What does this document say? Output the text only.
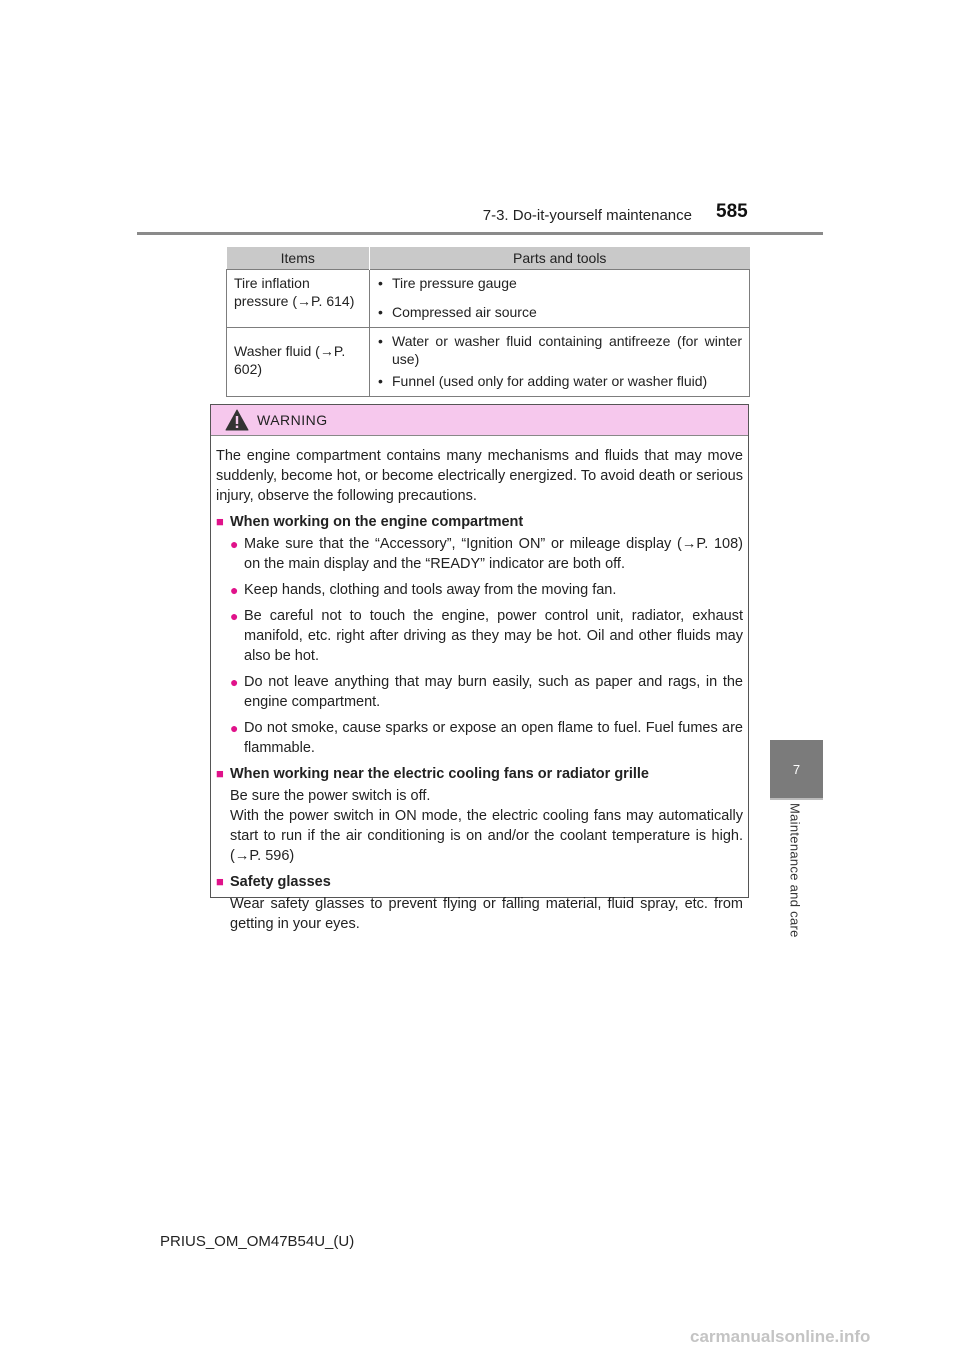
7-3. Do-it-yourself maintenance 585
7
Maintenance and care
Items	Parts and tools
Tire inflation pressure (→P. 614)	• Tire pressure gauge
• Compressed air source

Washer fluid (→P. 602)	• Water or washer fluid containing antifreeze (for winter use)
• Funnel (used only for adding water or washer fluid)
WARNING
The engine compartment contains many mechanisms and fluids that may move suddenly, become hot, or become electrically energized. To avoid death or serious injury, observe the following precautions.
■ When working on the engine compartment
● Make sure that the “Accessory”, “Ignition ON” or mileage display (→P. 108) on the main display and the “READY” indicator are both off.
● Keep hands, clothing and tools away from the moving fan.
● Be careful not to touch the engine, power control unit, radiator, exhaust manifold, etc. right after driving as they may be hot. Oil and other fluids may also be hot.
● Do not leave anything that may burn easily, such as paper and rags, in the engine compartment.
● Do not smoke, cause sparks or expose an open flame to fuel. Fuel fumes are flammable.
■ When working near the electric cooling fans or radiator grille

Be sure the power switch is off.

With the power switch in ON mode, the electric cooling fans may automatically start to run if the air conditioning is on and/or the coolant temperature is high. (→P. 596)

■ Safety glasses

Wear safety glasses to prevent flying or falling material, fluid spray, etc. from getting in your eyes.

PRIUS_OM_OM47B54U_(U)
carmanualsonline.info
